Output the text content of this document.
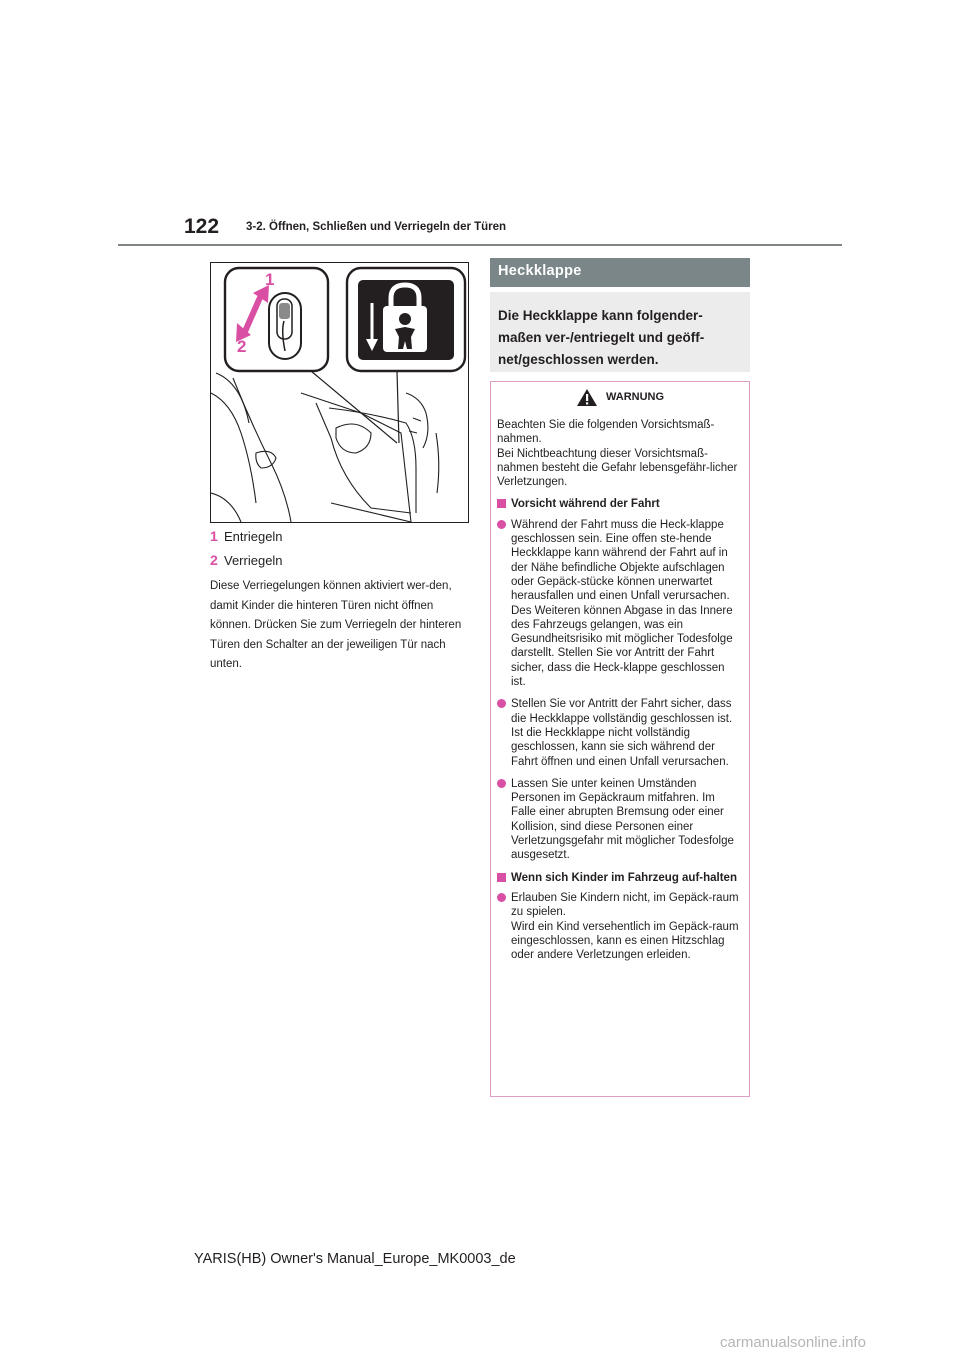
122 3-2. Öffnen, Schließen und Verriegeln der Türen
1
2
1 Entriegeln
2 Verriegeln
Diese Verriegelungen können aktiviert wer-den, damit Kinder die hinteren Türen nicht öffnen können. Drücken Sie zum Verriegeln der hinteren Türen den Schalter an der jeweiligen Tür nach unten.
Heckklappe
Die Heckklappe kann folgender-maßen ver-/entriegelt und geöff-net/geschlossen werden.
WARNUNG
Beachten Sie die folgenden Vorsichtsmaß-nahmen.
Bei Nichtbeachtung dieser Vorsichtsmaß-nahmen besteht die Gefahr lebensgefähr-licher Verletzungen.
Vorsicht während der Fahrt
Während der Fahrt muss die Heck-klappe geschlossen sein. Eine offen ste-hende Heckklappe kann während der Fahrt auf in der Nähe befindliche Objekte aufschlagen oder Gepäck-stücke können unerwartet herausfallen und einen Unfall verursachen.
Des Weiteren können Abgase in das Innere des Fahrzeugs gelangen, was ein Gesundheitsrisiko mit möglicher Todesfolge darstellt. Stellen Sie vor Antritt der Fahrt sicher, dass die Heck-klappe geschlossen ist.
Stellen Sie vor Antritt der Fahrt sicher, dass die Heckklappe vollständig geschlossen ist. Ist die Heckklappe nicht vollständig geschlossen, kann sie sich während der Fahrt öffnen und einen Unfall verursachen.
Lassen Sie unter keinen Umständen Personen im Gepäckraum mitfahren. Im Falle einer abrupten Bremsung oder einer Kollision, sind diese Personen einer Verletzungsgefahr mit möglicher Todesfolge ausgesetzt.
Wenn sich Kinder im Fahrzeug auf-halten
Erlauben Sie Kindern nicht, im Gepäck-raum zu spielen.
Wird ein Kind versehentlich im Gepäck-raum eingeschlossen, kann es einen Hitzschlag oder andere Verletzungen erleiden.
YARIS(HB) Owner's Manual_Europe_MK0003_de
carmanualsonline.info
